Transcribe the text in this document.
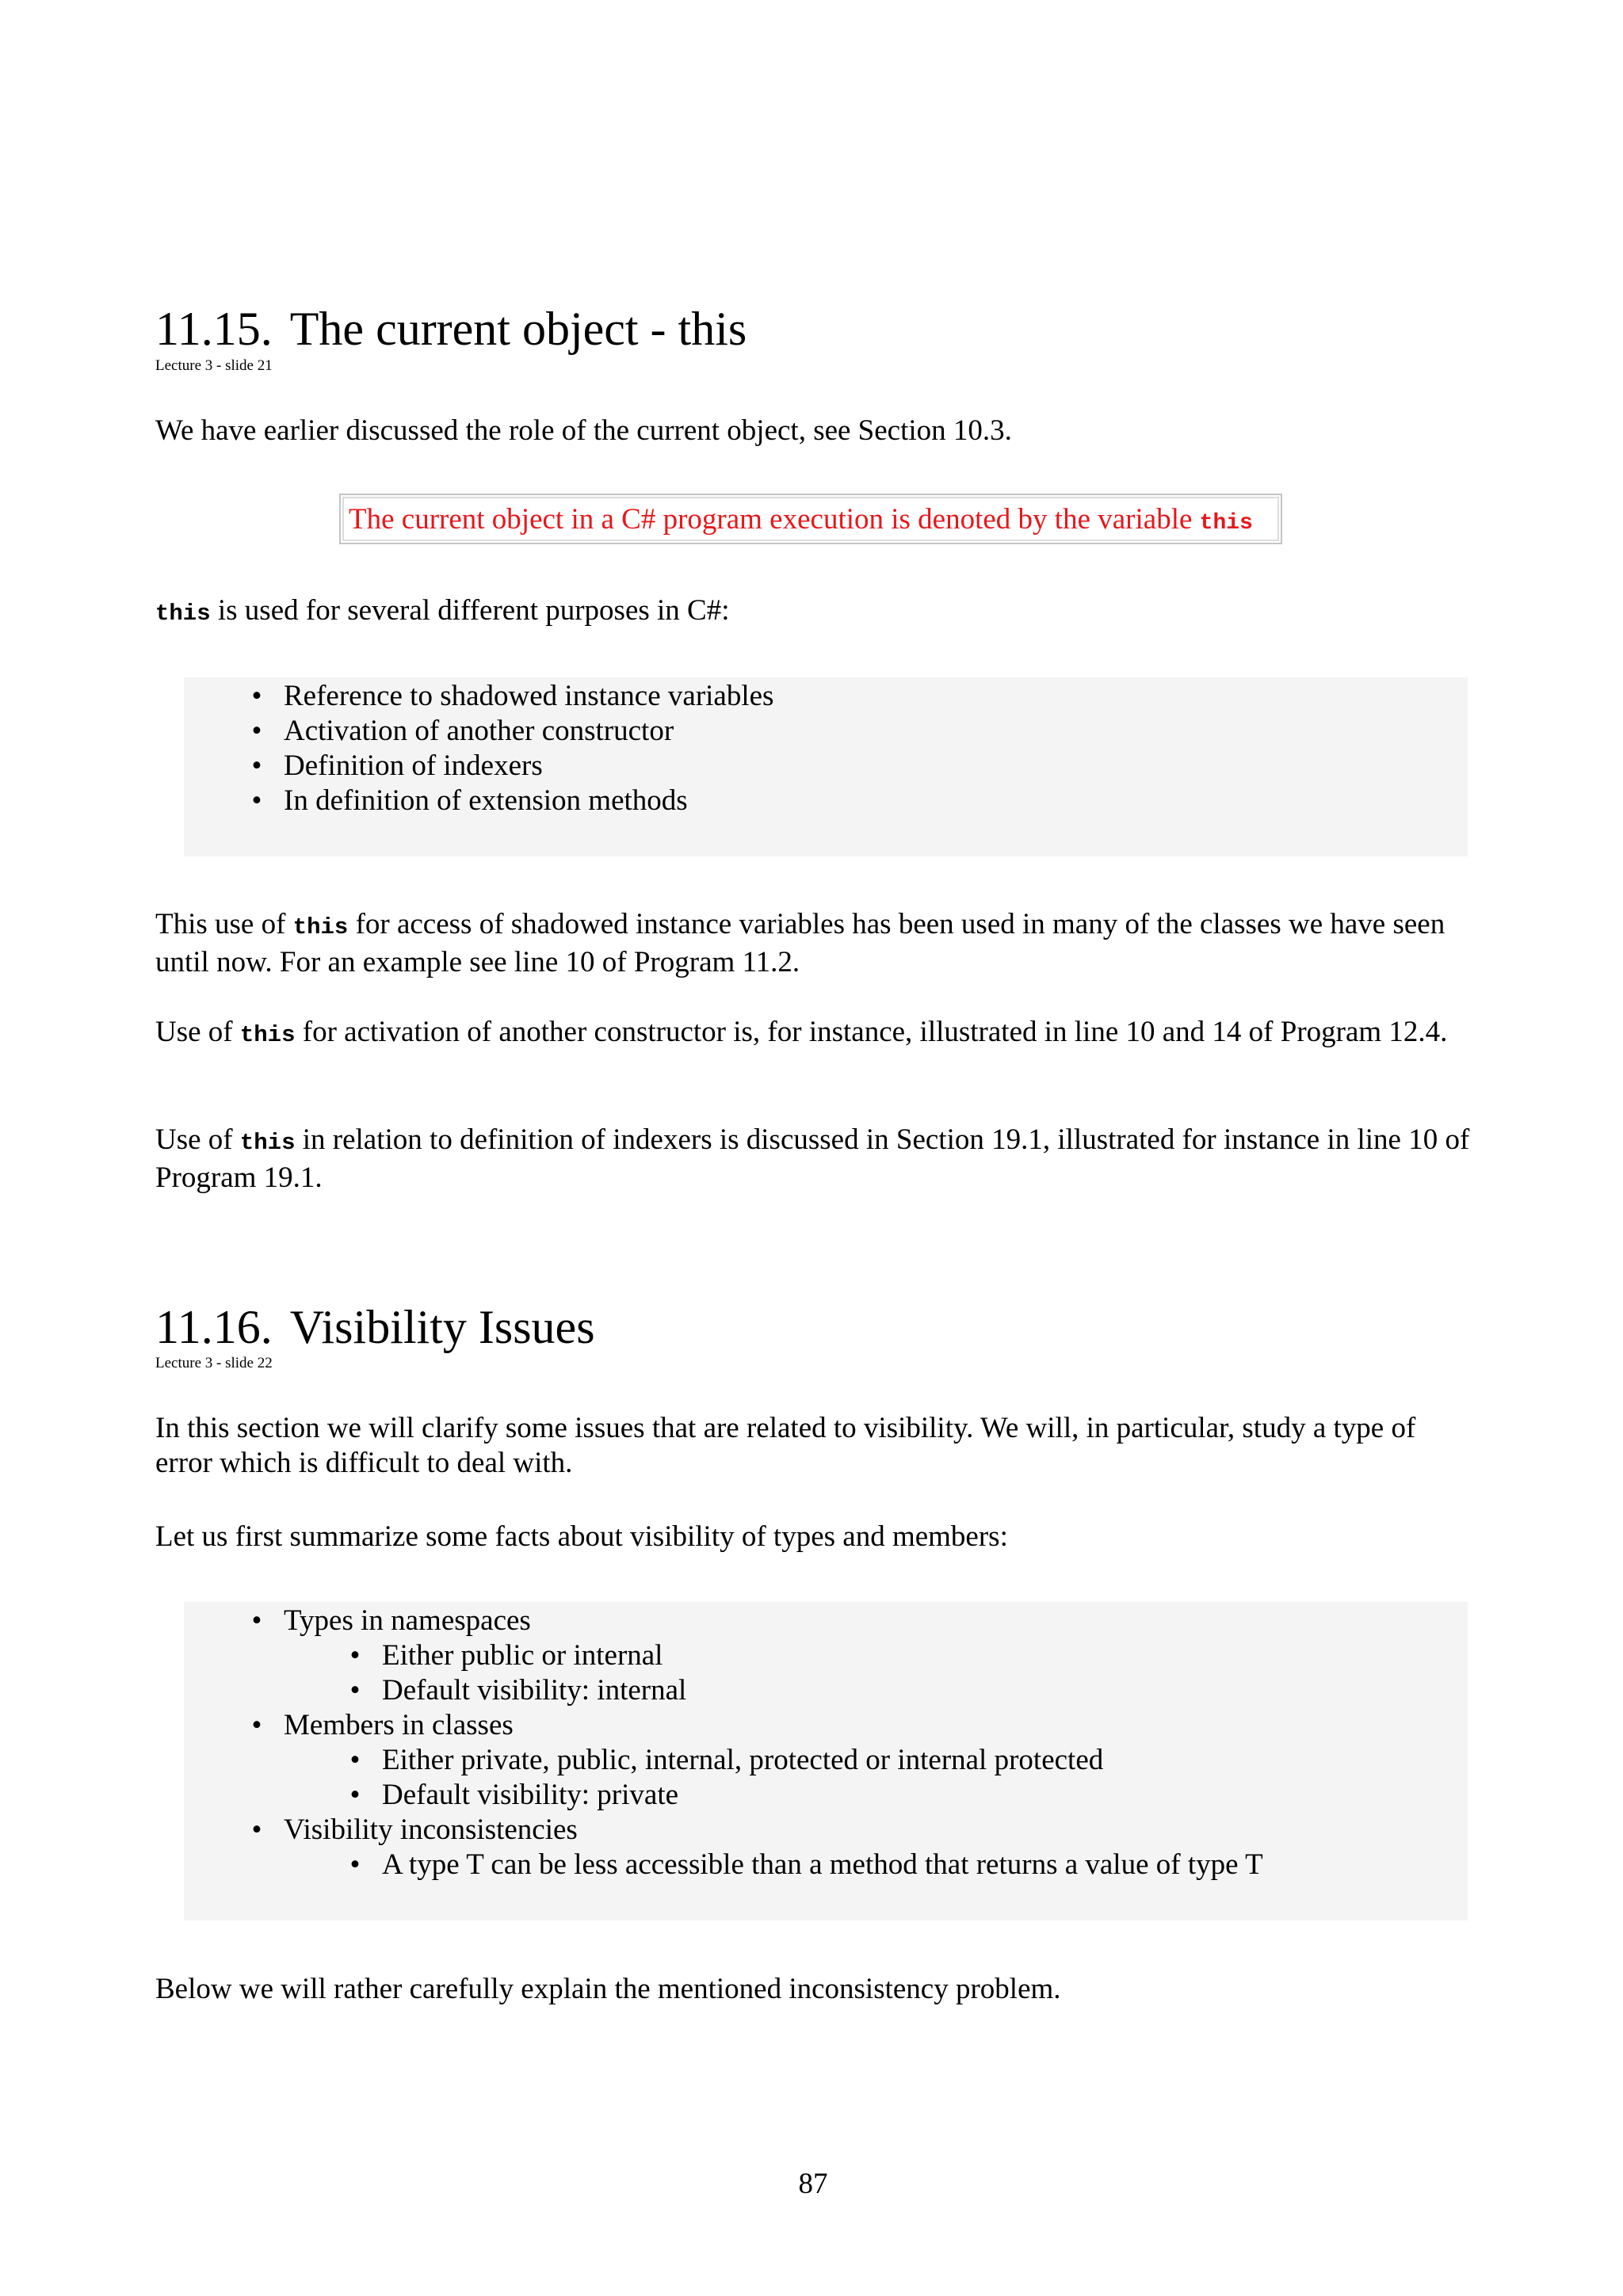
11.15. The current object - this
Lecture 3 - slide 21

We have earlier discussed the role of the current object, see Section 10.3.

The current object in a C# program execution is denoted by the variable this

this is used for several different purposes in C#:

• Reference to shadowed instance variables
• Activation of another constructor
• Definition of indexers
• In definition of extension methods

This use of this for access of shadowed instance variables has been used in many of the classes we have seen until now. For an example see line 10 of Program 11.2.

Use of this for activation of another constructor is, for instance, illustrated in line 10 and 14 of Program 12.4.

Use of this in relation to definition of indexers is discussed in Section 19.1, illustrated for instance in line 10 of Program 19.1.

11.16. Visibility Issues
Lecture 3 - slide 22

In this section we will clarify some issues that are related to visibility. We will, in particular, study a type of error which is difficult to deal with.

Let us first summarize some facts about visibility of types and members:

• Types in namespaces
• Either public or internal
• Default visibility: internal
• Members in classes
• Either private, public, internal, protected or internal protected
• Default visibility: private
• Visibility inconsistencies
• A type T can be less accessible than a method that returns a value of type T

Below we will rather carefully explain the mentioned inconsistency problem.

87
